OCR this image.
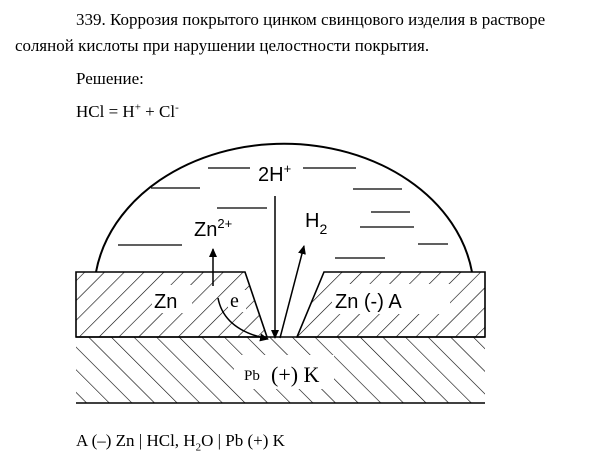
339. Коррозия покрытого цинком свинцового изделия в растворе
соляной кислоты при нарушении целостности покрытия.
Решение:
HCl = H+ + Cl-
2H+
$Zn^{2+}$	$H_2$
Zn	e	Zn (-) A
Pb (+) K
A (–) Zn | HCl, $H_2O$ | Pb (+) K
